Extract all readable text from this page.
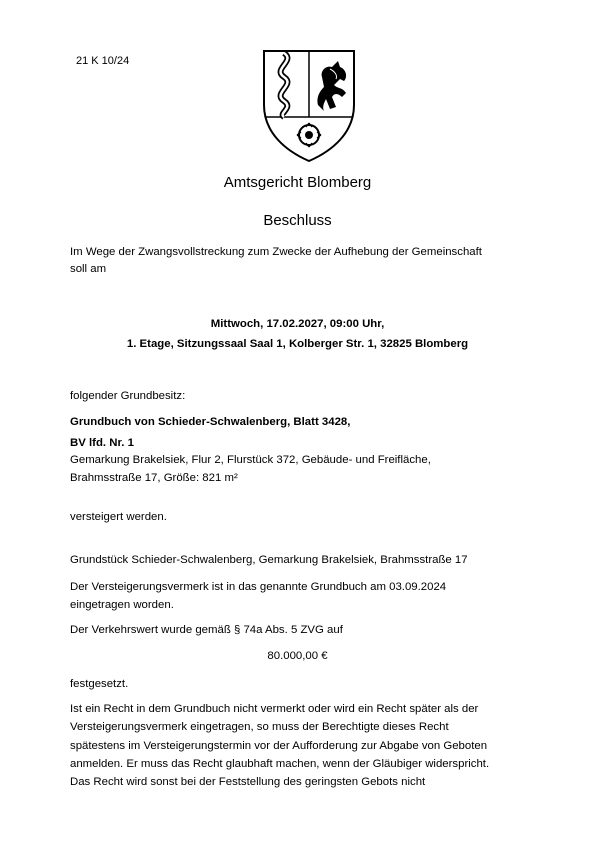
21 K 10/24
Amtsgericht Blomberg
Beschluss
Im Wege der Zwangsvollstreckung zum Zwecke der Aufhebung der Gemeinschaft
soll am
Mittwoch, 17.02.2027, 09:00 Uhr,
1. Etage, Sitzungssaal Saal 1, Kolberger Str. 1, 32825 Blomberg
folgender Grundbesitz:
Grundbuch von Schieder-Schwalenberg, Blatt 3428,
BV lfd. Nr. 1
Gemarkung Brakelsiek, Flur 2, Flurstück 372, Gebäude- und Freifläche,
Brahmsstraße 17, Größe: 821 m²
versteigert werden.
Grundstück Schieder-Schwalenberg, Gemarkung Brakelsiek, Brahmsstraße 17
Der Versteigerungsvermerk ist in das genannte Grundbuch am 03.09.2024
eingetragen worden.
Der Verkehrswert wurde gemäß § 74a Abs. 5 ZVG auf
80.000,00 €
festgesetzt.
Ist ein Recht in dem Grundbuch nicht vermerkt oder wird ein Recht später als der
Versteigerungsvermerk eingetragen, so muss der Berechtigte dieses Recht
spätestens im Versteigerungstermin vor der Aufforderung zur Abgabe von Geboten
anmelden. Er muss das Recht glaubhaft machen, wenn der Gläubiger widerspricht.
Das Recht wird sonst bei der Feststellung des geringsten Gebots nicht
